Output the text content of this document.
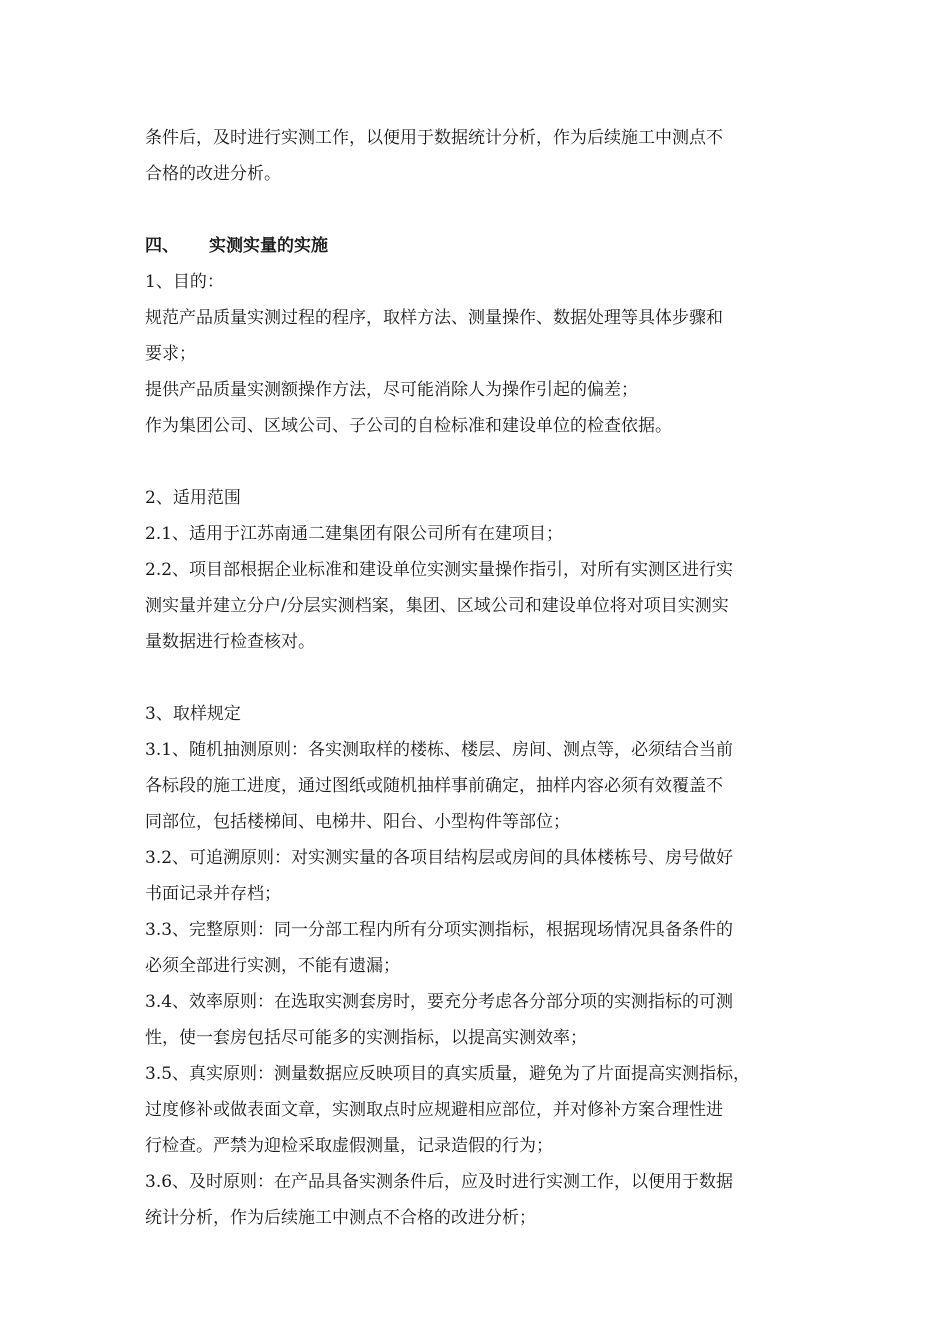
条件后，及时进行实测工作，以便用于数据统计分析，作为后续施工中测点不
合格的改进分析。
四、 实测实量的实施
1、目的：
规范产品质量实测过程的程序，取样方法、测量操作、数据处理等具体步骤和
要求；
提供产品质量实测额操作方法，尽可能消除人为操作引起的偏差；
作为集团公司、区域公司、子公司的自检标准和建设单位的检查依据。
2、适用范围
2.1、适用于江苏南通二建集团有限公司所有在建项目；
2.2、项目部根据企业标准和建设单位实测实量操作指引，对所有实测区进行实
测实量并建立分户/分层实测档案，集团、区域公司和建设单位将对项目实测实
量数据进行检查核对。
3、取样规定
3.1、随机抽测原则：各实测取样的楼栋、楼层、房间、测点等，必须结合当前
各标段的施工进度，通过图纸或随机抽样事前确定，抽样内容必须有效覆盖不
同部位，包括楼梯间、电梯井、阳台、小型构件等部位；
3.2、可追溯原则：对实测实量的各项目结构层或房间的具体楼栋号、房号做好
书面记录并存档；
3.3、完整原则：同一分部工程内所有分项实测指标，根据现场情况具备条件的
必须全部进行实测，不能有遗漏；
3.4、效率原则：在选取实测套房时，要充分考虑各分部分项的实测指标的可测
性，使一套房包括尽可能多的实测指标，以提高实测效率；
3.5、真实原则：测量数据应反映项目的真实质量，避免为了片面提高实测指标，
过度修补或做表面文章，实测取点时应规避相应部位，并对修补方案合理性进
行检查。严禁为迎检采取虚假测量，记录造假的行为；
3.6、及时原则：在产品具备实测条件后，应及时进行实测工作，以便用于数据
统计分析，作为后续施工中测点不合格的改进分析；
